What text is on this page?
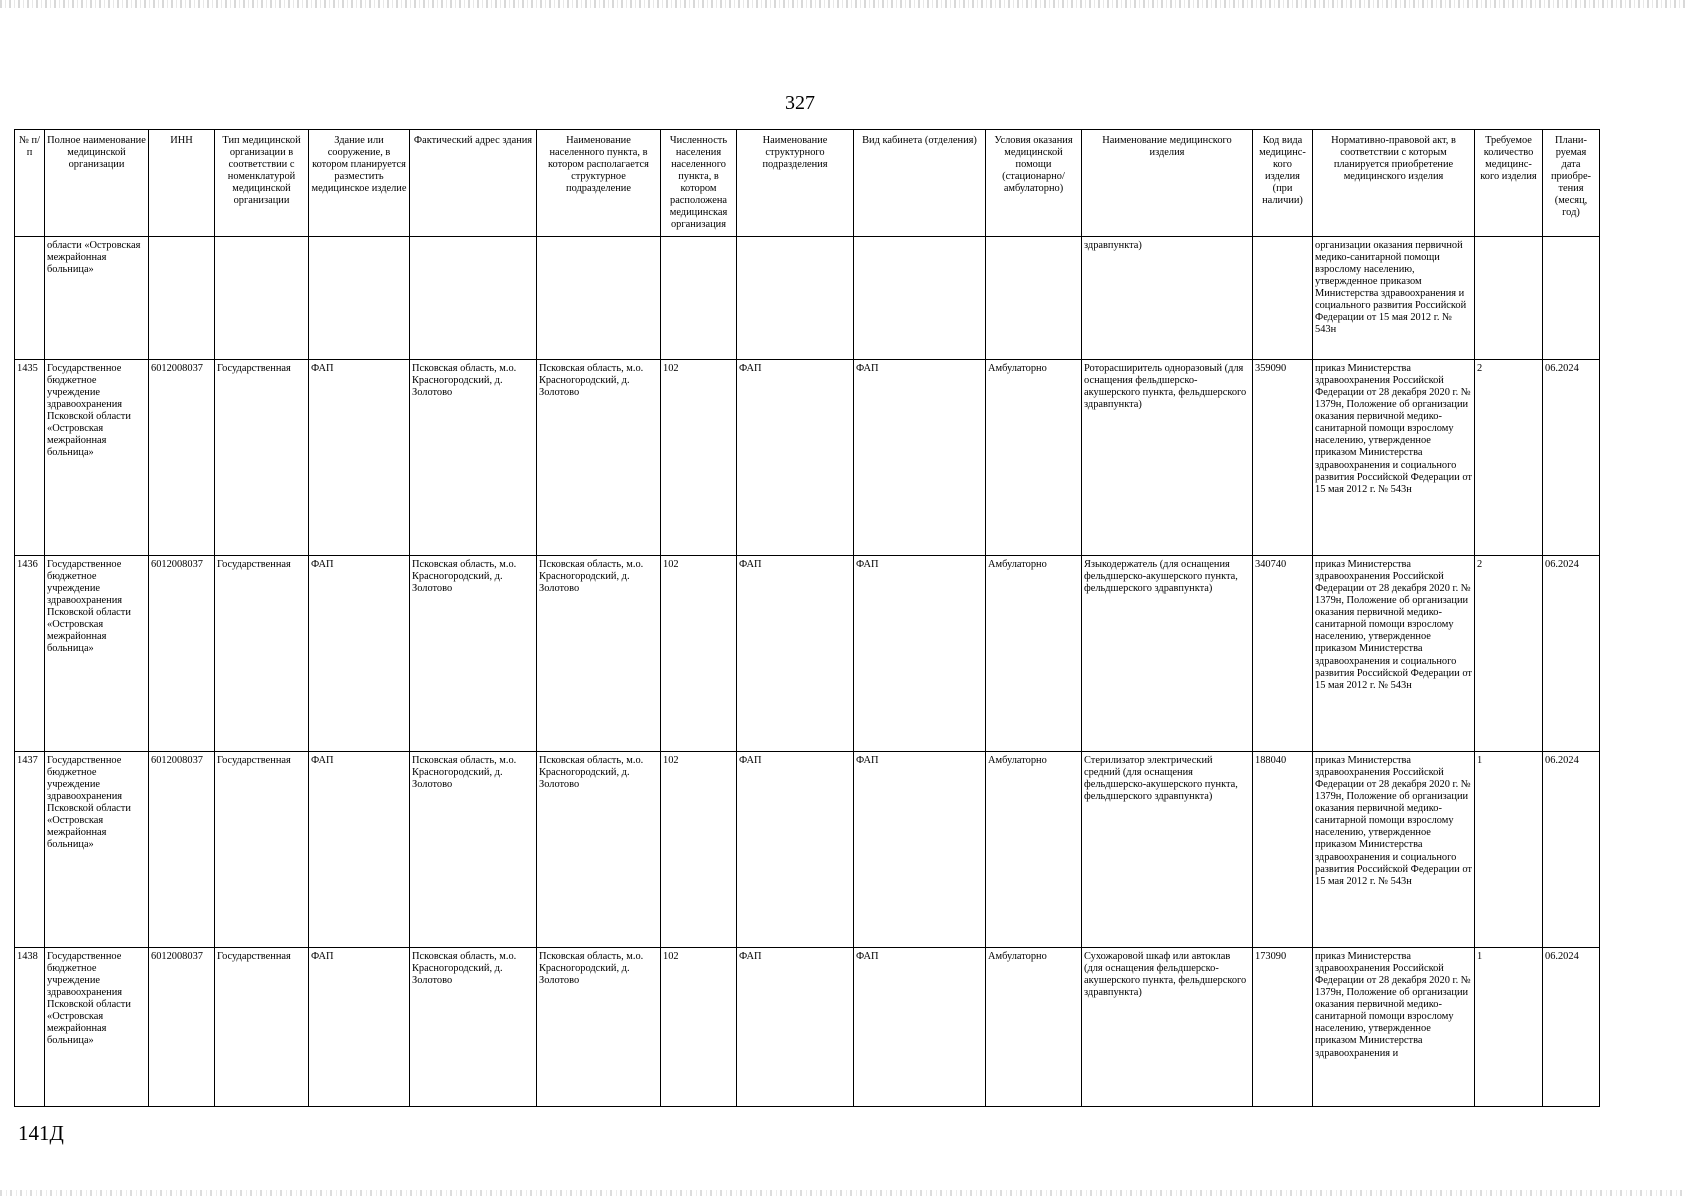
327
№ п/п	Полное наименование медицинской организации	ИНН	Тип медицинской организации в соответствии с номенклатурой медицинской организации	Здание или сооружение, в котором планируется разместить медицинское изделие	Фактический адрес здания	Наименование населенного пункта, в котором располагается структурное подразделение	Численность населения населенного пункта, в котором расположена медицинская организация	Наименование структурного подразделения	Вид кабинета (отделения)	Условия оказания медицинской помощи (стационарно/ амбулаторно)	Наименование медицинского изделия	Код вида медицинс-кого изделия (при наличии)	Нормативно-правовой акт, в соответствии с которым планируется приобретение медицинского изделия	Требуемое количество медицинс-кого изделия	Плани-руемая дата приобре-тения (месяц, год)
	области «Островская межрайонная больница»										здравпункта)		организации оказания первичной медико-санитарной помощи взрослому населению, утвержденное приказом Министерства здравоохранения и социального развития Российской Федерации от 15 мая 2012 г. № 543н		
1435	Государственное бюджетное учреждение здравоохранения Псковской области «Островская межрайонная больница»	6012008037	Государственная	ФАП	Псковская область, м.о. Красногородский, д. Золотово	Псковская область, м.о. Красногородский, д. Золотово	102	ФАП	ФАП	Амбулаторно	Роторасширитель одноразовый (для оснащения фельдшерско-акушерского пункта, фельдшерского здравпункта)	359090	приказ Министерства здравоохранения Российской Федерации от 28 декабря 2020 г. № 1379н, Положение об организации оказания первичной медико-санитарной помощи взрослому населению, утвержденное приказом Министерства здравоохранения и социального развития Российской Федерации от 15 мая 2012 г. № 543н	2	06.2024
1436	Государственное бюджетное учреждение здравоохранения Псковской области «Островская межрайонная больница»	6012008037	Государственная	ФАП	Псковская область, м.о. Красногородский, д. Золотово	Псковская область, м.о. Красногородский, д. Золотово	102	ФАП	ФАП	Амбулаторно	Языкодержатель (для оснащения фельдшерско-акушерского пункта, фельдшерского здравпункта)	340740	приказ Министерства здравоохранения Российской Федерации от 28 декабря 2020 г. № 1379н, Положение об организации оказания первичной медико-санитарной помощи взрослому населению, утвержденное приказом Министерства здравоохранения и социального развития Российской Федерации от 15 мая 2012 г. № 543н	2	06.2024
1437	Государственное бюджетное учреждение здравоохранения Псковской области «Островская межрайонная больница»	6012008037	Государственная	ФАП	Псковская область, м.о. Красногородский, д. Золотово	Псковская область, м.о. Красногородский, д. Золотово	102	ФАП	ФАП	Амбулаторно	Стерилизатор электрический средний (для оснащения фельдшерско-акушерского пункта, фельдшерского здравпункта)	188040	приказ Министерства здравоохранения Российской Федерации от 28 декабря 2020 г. № 1379н, Положение об организации оказания первичной медико-санитарной помощи взрослому населению, утвержденное приказом Министерства здравоохранения и социального развития Российской Федерации от 15 мая 2012 г. № 543н	1	06.2024
1438	Государственное бюджетное учреждение здравоохранения Псковской области «Островская межрайонная больница»	6012008037	Государственная	ФАП	Псковская область, м.о. Красногородский, д. Золотово	Псковская область, м.о. Красногородский, д. Золотово	102	ФАП	ФАП	Амбулаторно	Сухожаровой шкаф или автоклав (для оснащения фельдшерско-акушерского пункта, фельдшерского здравпункта)	173090	приказ Министерства здравоохранения Российской Федерации от 28 декабря 2020 г. № 1379н, Положение об организации оказания первичной медико-санитарной помощи взрослому населению, утвержденное приказом Министерства здравоохранения и	1	06.2024
141Д
